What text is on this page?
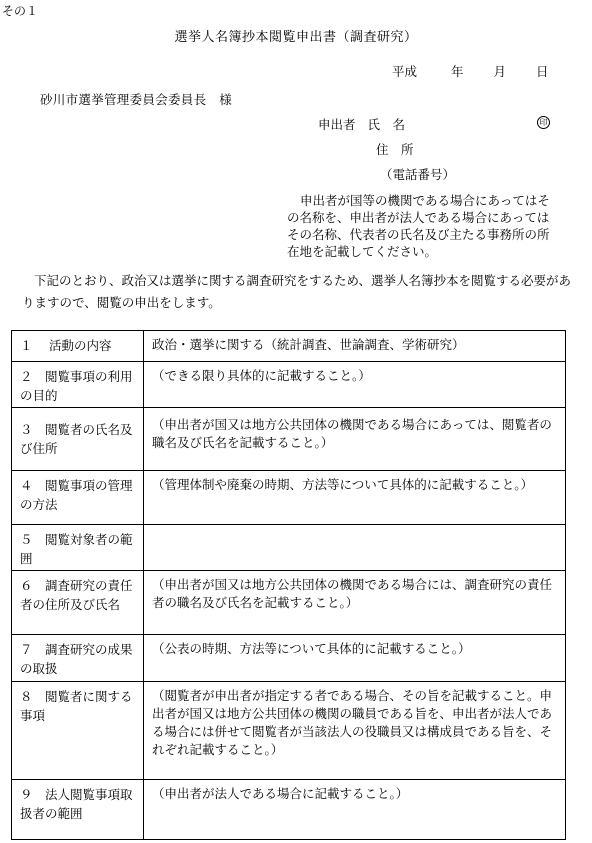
その１
選挙人名簿抄本閲覧申出書（調査研究）
平成	年 月 日
砂川市選挙管理委員会委員長　様
申出者 氏　名	印
住　所
（電話番号）
申出者が国等の機関である場合にあってはその名称を、申出者が法人である場合にあってはその名称、代表者の氏名及び主たる事務所の所在地を記載してください。
下記のとおり、政治又は選挙に関する調査研究をするため、選挙人名簿抄本を閲覧する必要がありますので、閲覧の申出をします。
１　 活動の内容	政治・選挙に関する（統計調査、世論調査、学術研究）

２　閲覧事項の利用の目的	（できる限り具体的に記載すること。）

３　閲覧者の氏名及び住所	（申出者が国又は地方公共団体の機関である場合にあっては、閲覧者の職名及び氏名を記載すること。）

４　閲覧事項の管理の方法	（管理体制や廃棄の時期、方法等について具体的に記載すること。）

５　閲覧対象者の範囲	

６　調査研究の責任者の住所及び氏名	（申出者が国又は地方公共団体の機関である場合には、調査研究の責任者の職名及び氏名を記載すること。）

７　調査研究の成果の取扱	（公表の時期、方法等について具体的に記載すること。）

８　閲覧者に関する事項	（閲覧者が申出者が指定する者である場合、その旨を記載すること。申出者が国又は地方公共団体の機関の職員である旨を、申出者が法人である場合には併せて閲覧者が当該法人の役職員又は構成員である旨を、それぞれ記載すること。）

９　法人閲覧事項取扱者の範囲	（申出者が法人である場合に記載すること。）
